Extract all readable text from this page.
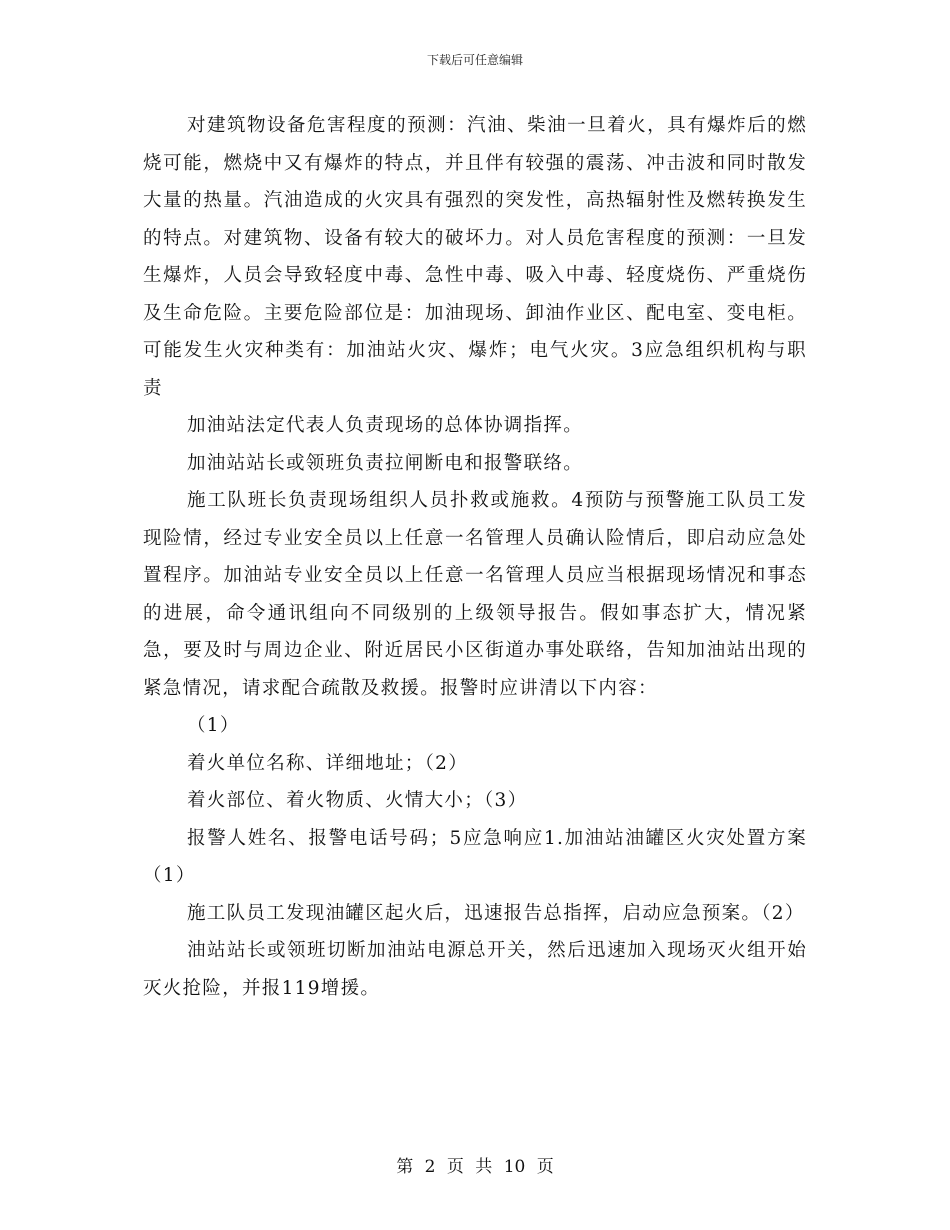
下载后可任意编辑

对建筑物设备危害程度的预测：汽油、柴油一旦着火，具有爆炸后的燃烧可能，燃烧中又有爆炸的特点，并且伴有较强的震荡、冲击波和同时散发大量的热量。汽油造成的火灾具有强烈的突发性，高热辐射性及燃转换发生的特点。对建筑物、设备有较大的破坏力。对人员危害程度的预测：一旦发生爆炸，人员会导致轻度中毒、急性中毒、吸入中毒、轻度烧伤、严重烧伤及生命危险。主要危险部位是：加油现场、卸油作业区、配电室、变电柜。可能发生火灾种类有：加油站火灾、爆炸；电气火灾。3应急组织机构与职责

加油站法定代表人负责现场的总体协调指挥。

加油站站长或领班负责拉闸断电和报警联络。

施工队班长负责现场组织人员扑救或施救。4预防与预警施工队员工发现险情，经过专业安全员以上任意一名管理人员确认险情后，即启动应急处置程序。加油站专业安全员以上任意一名管理人员应当根据现场情况和事态的进展，命令通讯组向不同级别的上级领导报告。假如事态扩大，情况紧急，要及时与周边企业、附近居民小区街道办事处联络，告知加油站出现的紧急情况，请求配合疏散及救援。报警时应讲清以下内容：

（1）

着火单位名称、详细地址；（2）

着火部位、着火物质、火情大小；（3）

报警人姓名、报警电话号码；5应急响应1.加油站油罐区火灾处置方案（1）

施工队员工发现油罐区起火后，迅速报告总指挥，启动应急预案。（2）

油站站长或领班切断加油站电源总开关，然后迅速加入现场灭火组开始灭火抢险，并报119增援。

第 2 页 共 10 页
